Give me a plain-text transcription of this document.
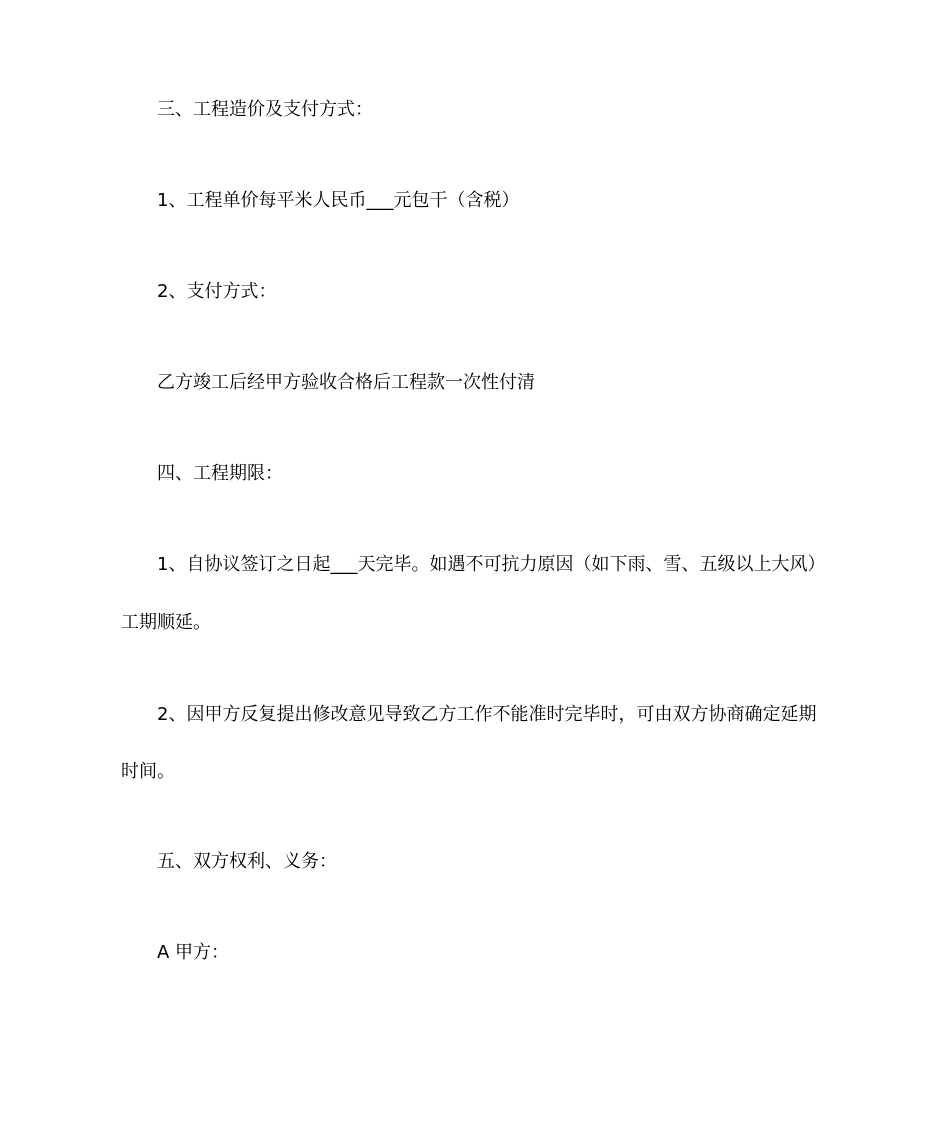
三、工程造价及支付方式：
1、工程单价每平米人民币___元包干（含税）
2、支付方式：
乙方竣工后经甲方验收合格后工程款一次性付清
四、工程期限：
1、自协议签订之日起___天完毕。如遇不可抗力原因（如下雨、雪、五级以上大风）
工期顺延。
2、因甲方反复提出修改意见导致乙方工作不能准时完毕时，可由双方协商确定延期
时间。
五、双方权利、义务：
A 甲方：
